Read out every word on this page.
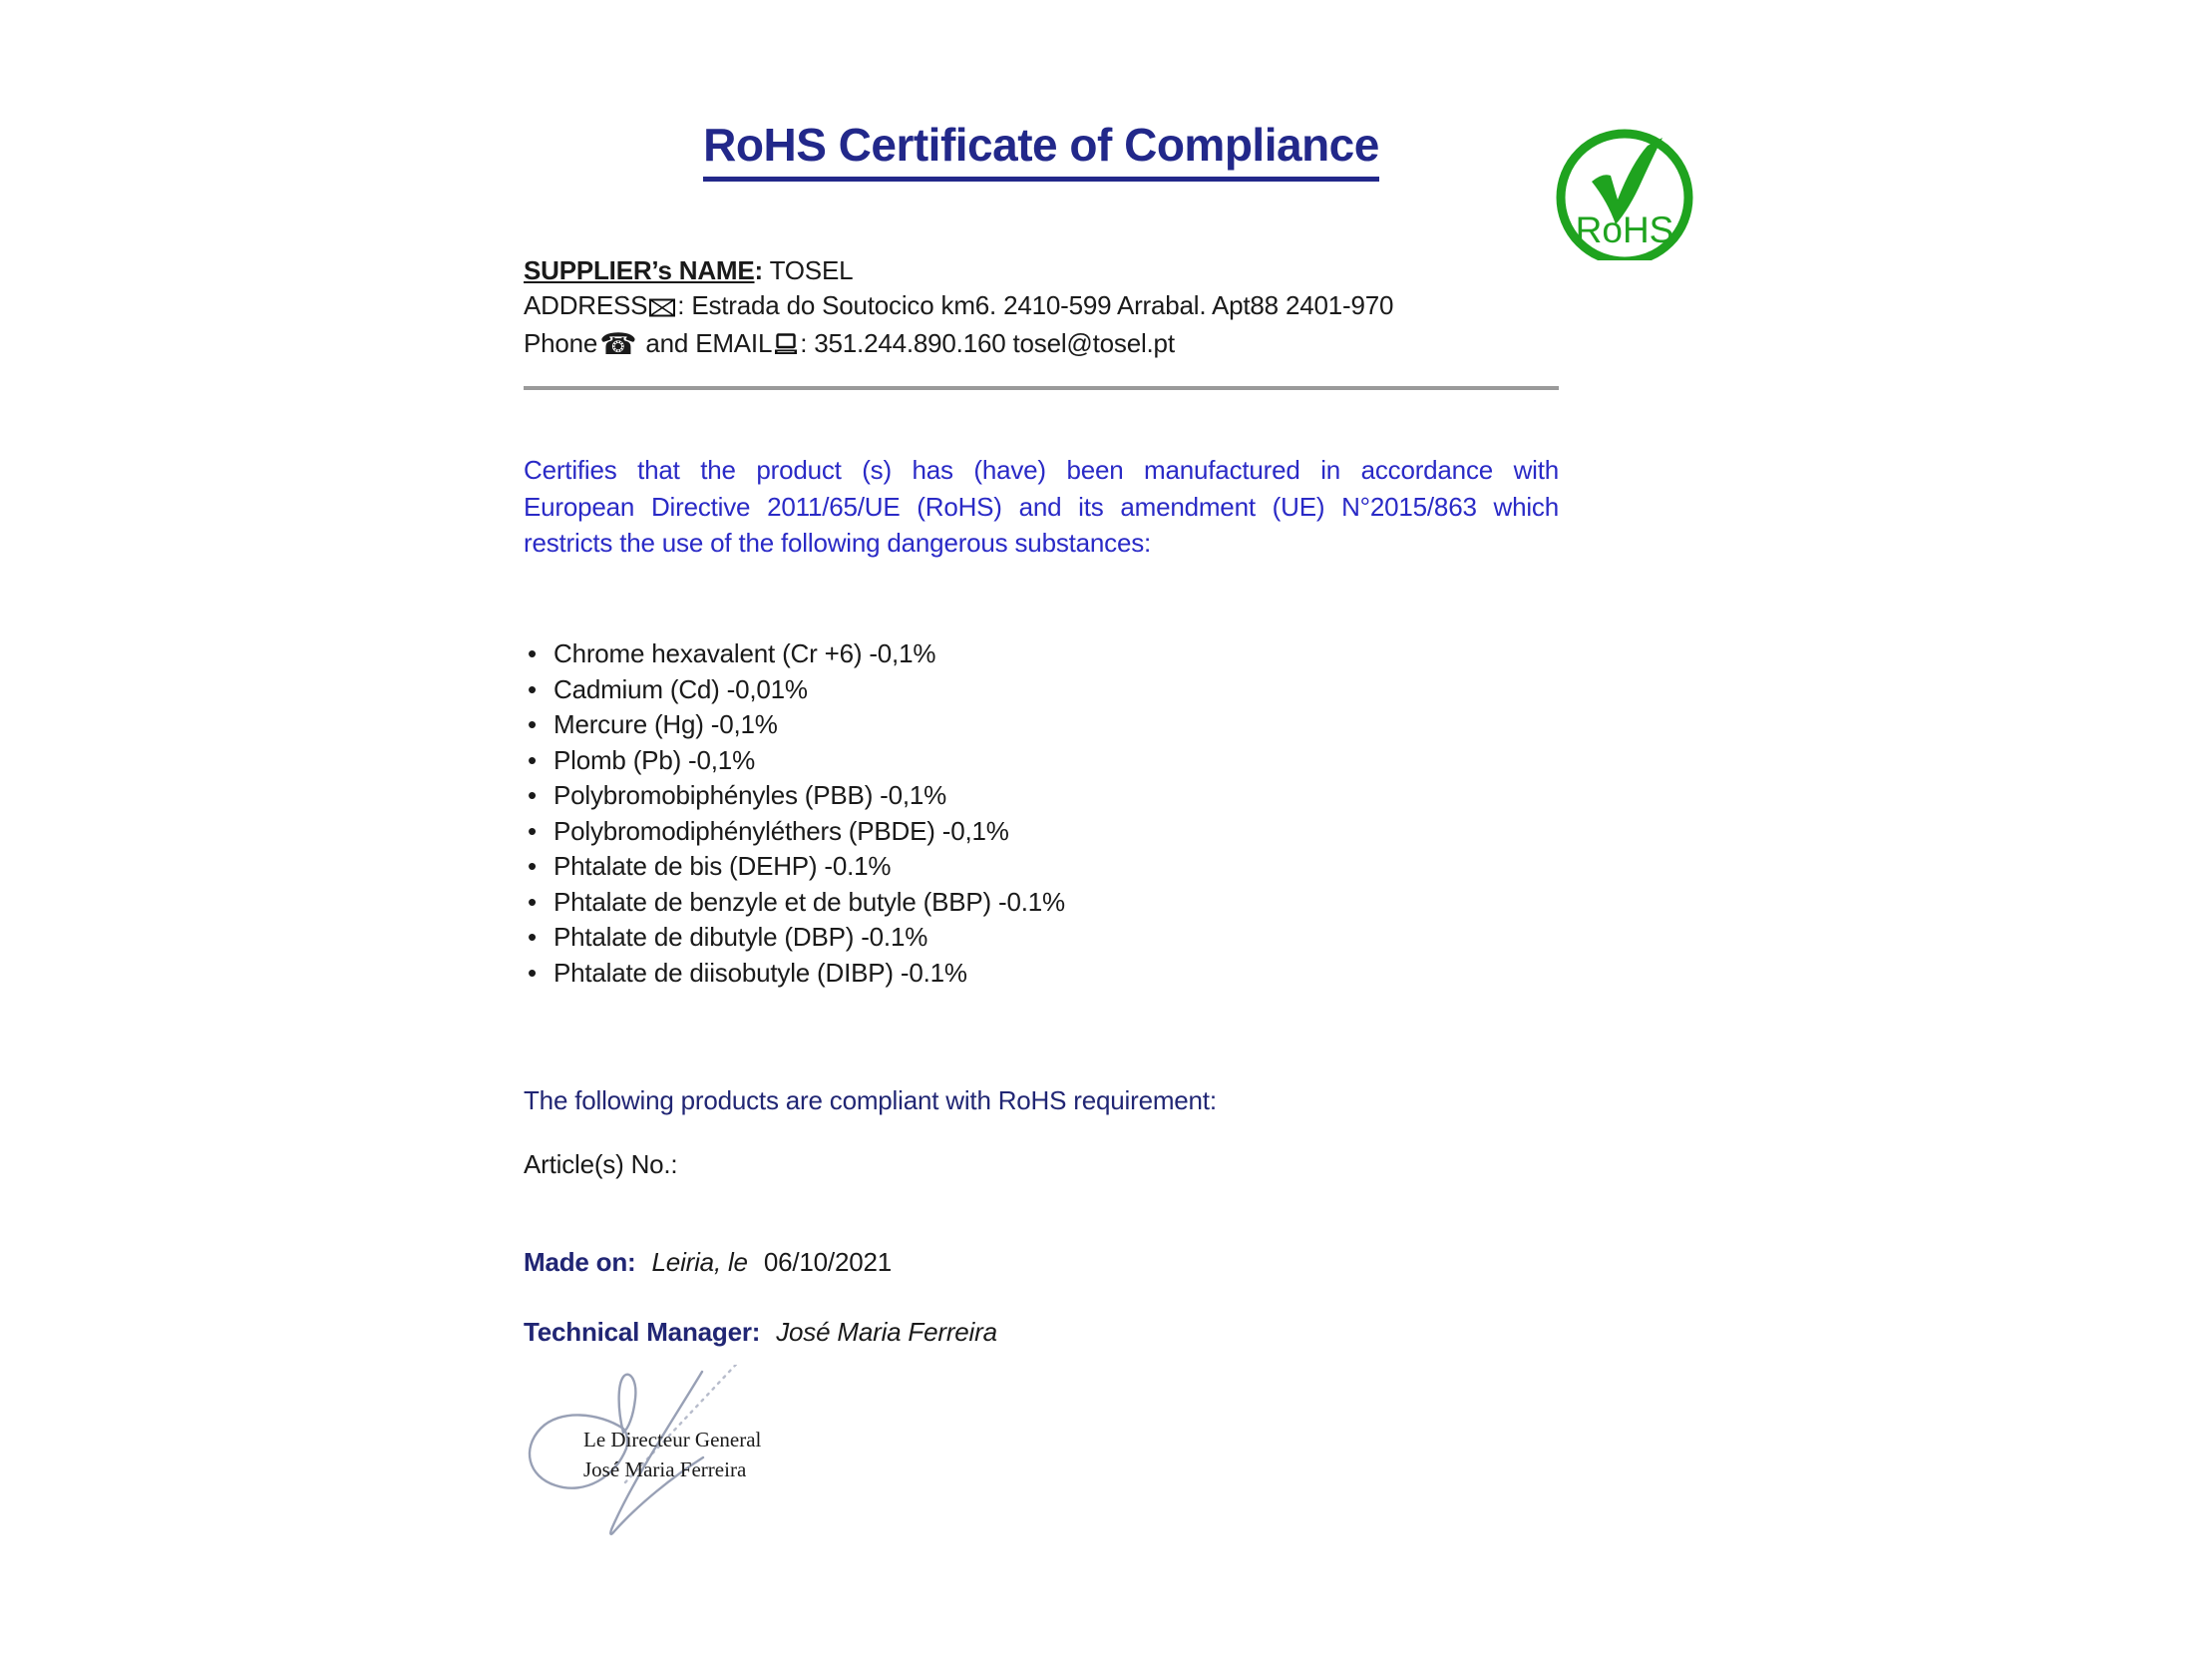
RoHS Certificate of Compliance
RoHS
SUPPLIER’s NAME: TOSEL
ADDRESS : Estrada do Soutocico km6. 2410-599 Arrabal. Apt88 2401-970
Phone☎ and EMAIL : 351.244.890.160 tosel@tosel.pt
Certifies that the product (s) has (have) been manufactured in accordance with
European Directive 2011/65/UE (RoHS) and its amendment (UE) N°2015/863 which
restricts the use of the following dangerous substances:
• Chrome hexavalent (Cr +6) -0,1%
• Cadmium (Cd) -0,01%
• Mercure (Hg) -0,1%
• Plomb (Pb) -0,1%
• Polybromobiphényles (PBB) -0,1%
• Polybromodiphényléthers (PBDE) -0,1%
• Phtalate de bis (DEHP) -0.1%
• Phtalate de benzyle et de butyle (BBP) -0.1%
• Phtalate de dibutyle (DBP) -0.1%
• Phtalate de diisobutyle (DIBP) -0.1%
The following products are compliant with RoHS requirement:
Article(s) No.:
Made on: Leiria, le 06/10/2021
Technical Manager: José Maria Ferreira
Le Directeur General
José Maria Ferreira
